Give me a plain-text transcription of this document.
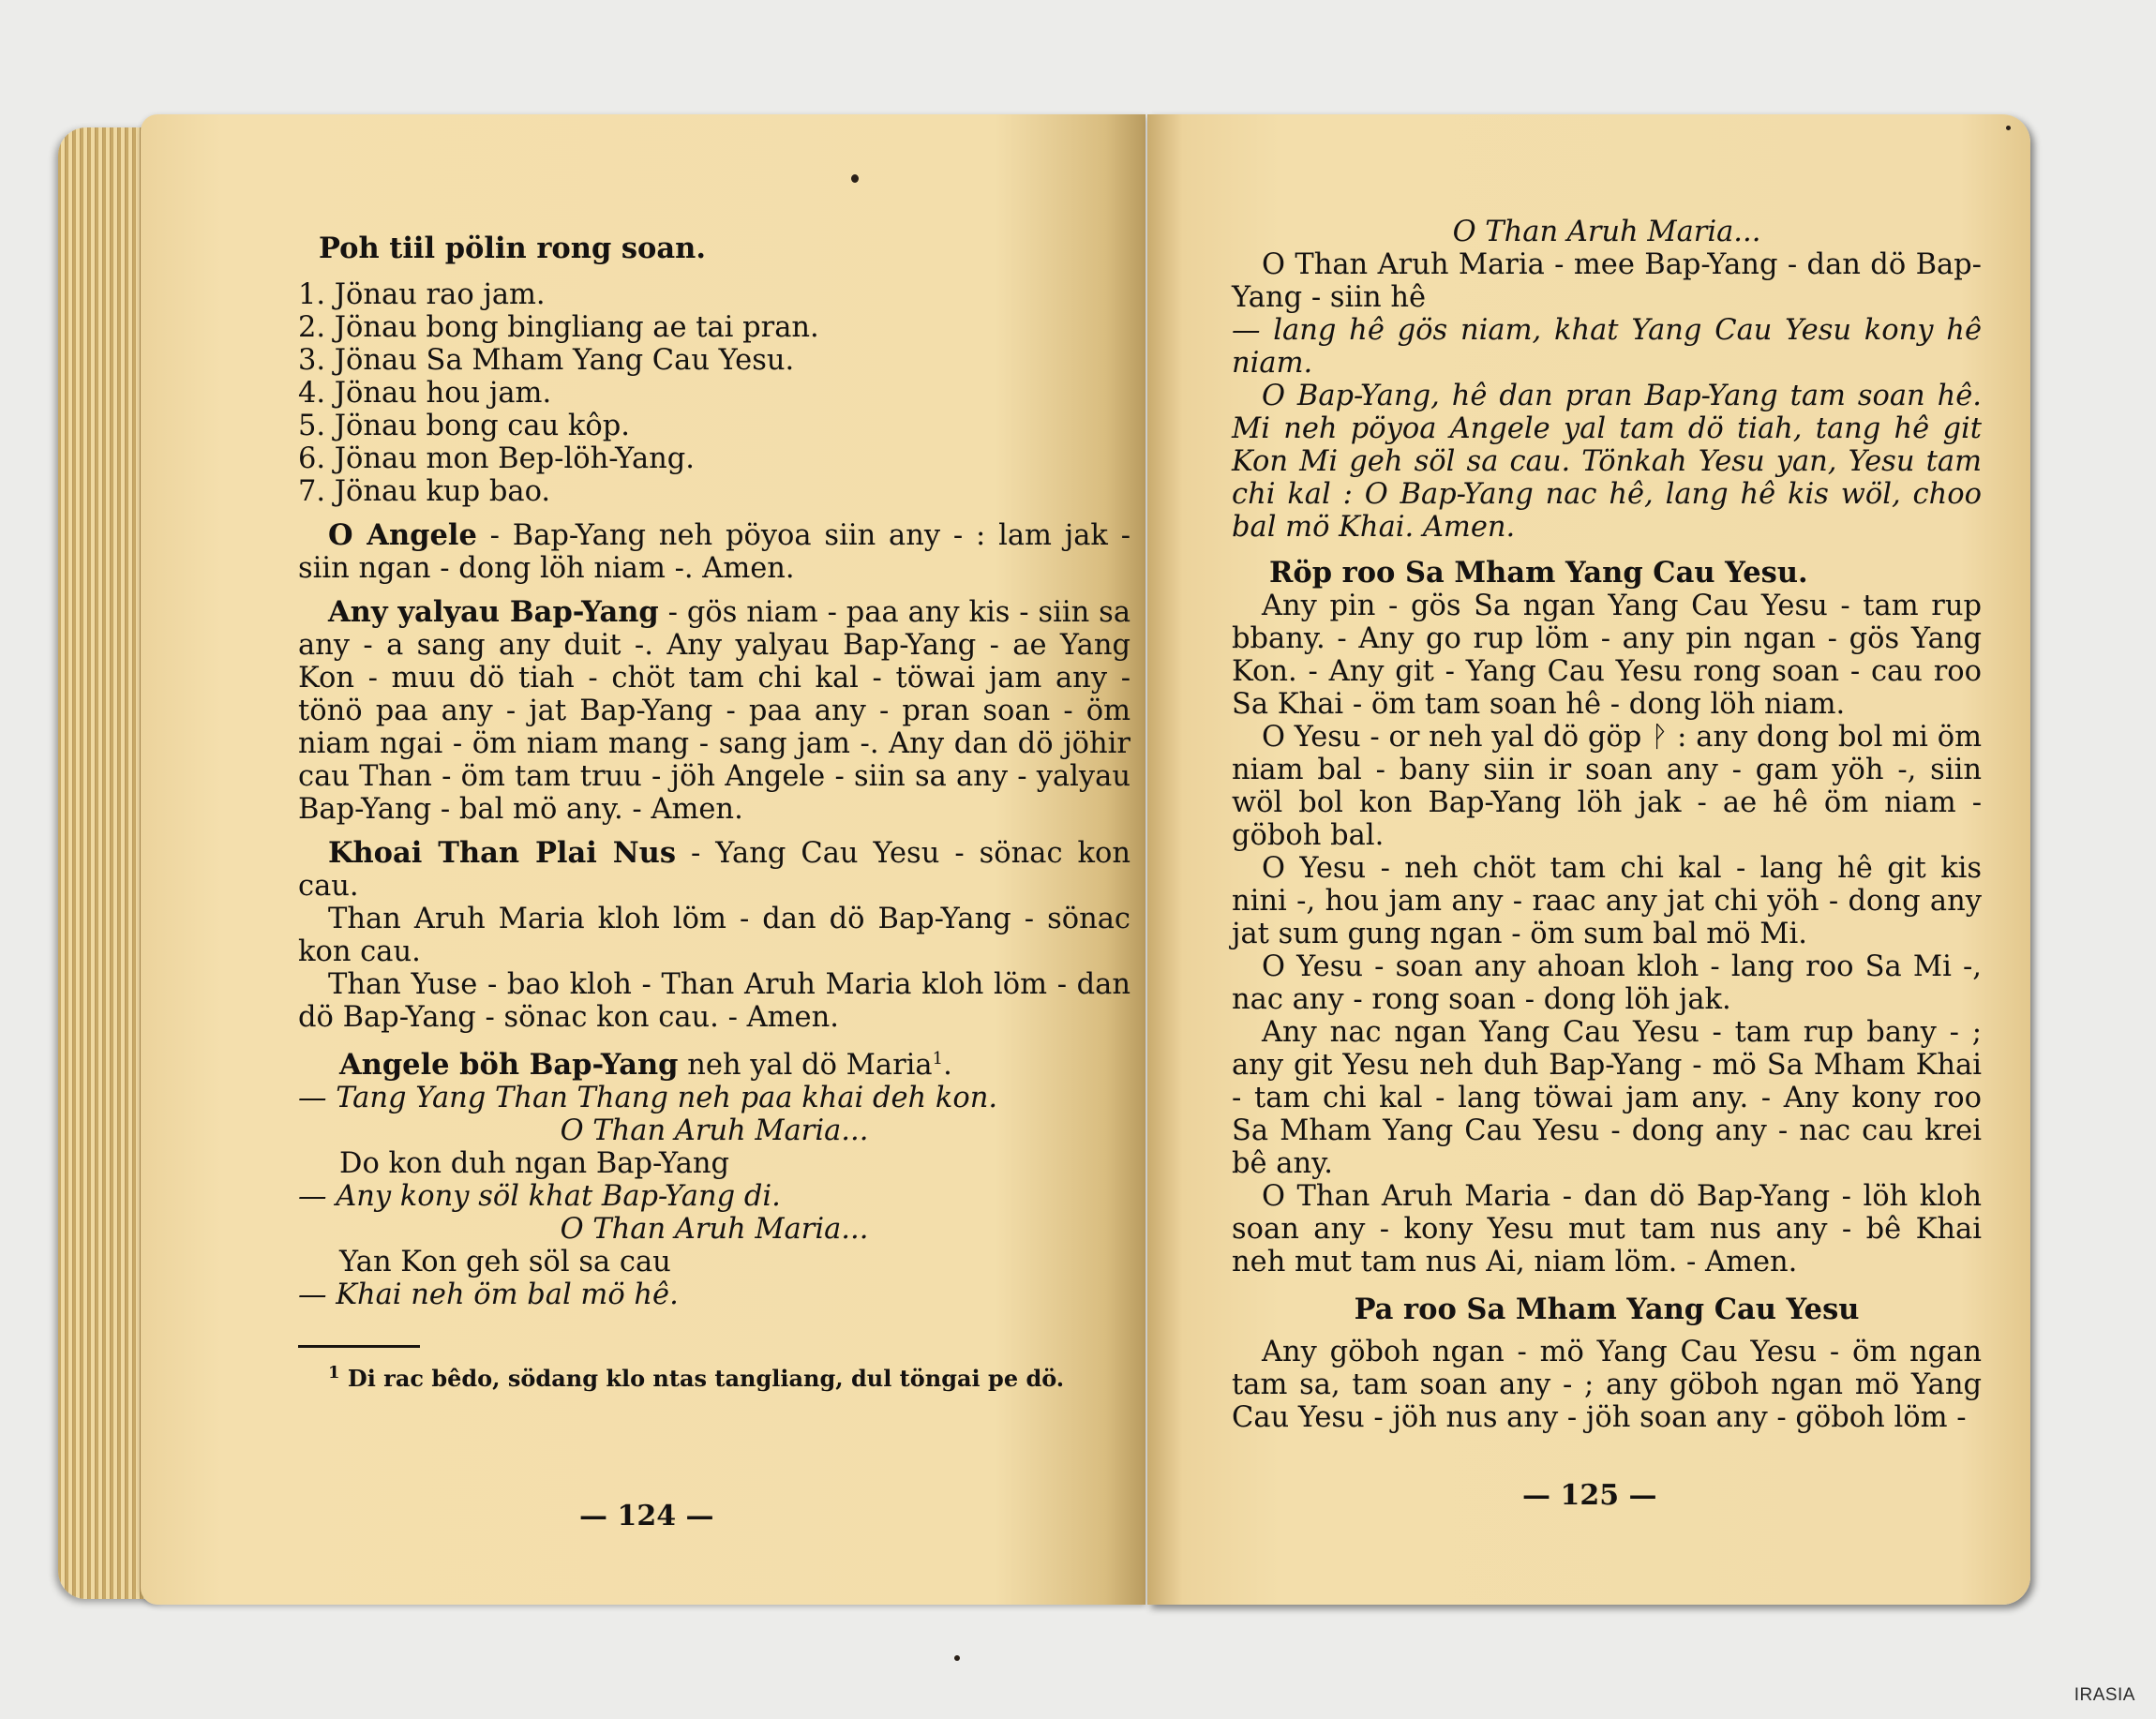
Poh tiil pölin rong soan.

1. Jönau rao jam.

2. Jönau bong bingliang ae tai pran.

3. Jönau Sa Mham Yang Cau Yesu.

4. Jönau hou jam.

5. Jönau bong cau kôp.

6. Jönau mon Bep-löh-Yang.

7. Jönau kup bao.

O Angele - Bap-Yang neh pöyoa siin any - : lam jak - siin ngan - dong löh niam -. Amen.

Any yalyau Bap-Yang - gös niam - paa any kis - siin sa any - a sang any duit -. Any yalyau Bap-Yang - ae Yang Kon - muu dö tiah - chöt tam chi kal - töwai jam any - tönö paa any - jat Bap-Yang - paa any - pran soan - öm niam ngai - öm niam mang - sang jam -. Any dan dö jöhir cau Than - öm tam truu - jöh Angele - siin sa any - yalyau Bap-Yang - bal mö any. - Amen.

Khoai Than Plai Nus - Yang Cau Yesu - sönac kon cau.

Than Aruh Maria kloh löm - dan dö Bap-Yang - sönac kon cau.

Than Yuse - bao kloh - Than Aruh Maria kloh löm - dan dö Bap-Yang - sönac kon cau. - Amen.

Angele böh Bap-Yang neh yal dö Maria$^1$.

— Tang Yang Than Thang neh paa khai deh kon.

O Than Aruh Maria...

Do kon duh ngan Bap-Yang

— Any kony söl khat Bap-Yang di.

O Than Aruh Maria...

Yan Kon geh söl sa cau

— Khai neh öm bal mö hê.

$^1$ Di rac bêdo, södang klo ntas tangliang, dul töngai pe dö.

— 124 —

O Than Aruh Maria...

O Than Aruh Maria - mee Bap-Yang - dan dö Bap-Yang - siin hê

— lang hê gös niam, khat Yang Cau Yesu kony hê niam.

O Bap-Yang, hê dan pran Bap-Yang tam soan hê. Mi neh pöyoa Angele yal tam dö tiah, tang hê git Kon Mi geh söl sa cau. Tönkah Yesu yan, Yesu tam chi kal : O Bap-Yang nac hê, lang hê kis wöl, choo bal mö Khai. Amen.

Röp roo Sa Mham Yang Cau Yesu.

Any pin - gös Sa ngan Yang Cau Yesu - tam rup bbany. - Any go rup löm - any pin ngan - gös Yang Kon. - Any git - Yang Cau Yesu rong soan - cau roo Sa Khai - öm tam soan hê - dong löh niam.

O Yesu - or neh yal dö göp ᚹ : any dong bol mi öm niam bal - bany siin ir soan any - gam yöh -, siin wöl bol kon Bap-Yang löh jak - ae hê öm niam - göboh bal.

O Yesu - neh chöt tam chi kal - lang hê git kis nini -, hou jam any - raac any jat chi yöh - dong any jat sum gung ngan - öm sum bal mö Mi.

O Yesu - soan any ahoan kloh - lang roo Sa Mi -, nac any - rong soan - dong löh jak.

Any nac ngan Yang Cau Yesu - tam rup bany - ; any git Yesu neh duh Bap-Yang - mö Sa Mham Khai - tam chi kal - lang töwai jam any. - Any kony roo Sa Mham Yang Cau Yesu - dong any - nac cau krei bê any.

O Than Aruh Maria - dan dö Bap-Yang - löh kloh soan any - kony Yesu mut tam nus any - bê Khai neh mut tam nus Ai, niam löm. - Amen.

Pa roo Sa Mham Yang Cau Yesu

Any göboh ngan - mö Yang Cau Yesu - öm ngan tam sa, tam soan any - ; any göboh ngan mö Yang Cau Yesu - jöh nus any - jöh soan any - göboh löm -

— 125 —
IRASIA
